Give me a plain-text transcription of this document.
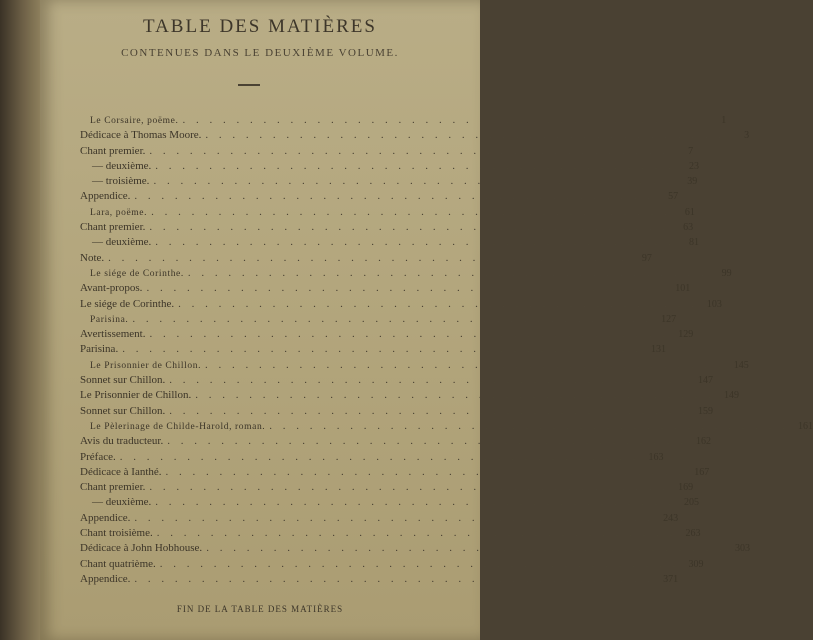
TABLE DES MATIÈRES
CONTENUES DANS LE DEUXIÈME VOLUME.
Le Corsaire, poëme. . . . . . . . . . . . . . . . . . . . . . . . . . . . . . . . . . . . . . . .	1
Dédicace à Thomas Moore. . . . . . . . . . . . . . . . . . . . . . . . . . . . . . . . . . . . . . . .	3
Chant premier. . . . . . . . . . . . . . . . . . . . . . . . . . . . . . . . . . . . . . . .	7
— deuxième. . . . . . . . . . . . . . . . . . . . . . . . . . . . . . . . . . . . . . . .	23
— troisième. . . . . . . . . . . . . . . . . . . . . . . . . . . . . . . . . . . . . . . .	39
Appendice. . . . . . . . . . . . . . . . . . . . . . . . . . . . . . . . . . . . . . . .	57
Lara, poëme. . . . . . . . . . . . . . . . . . . . . . . . . . . . . . . . . . . . . . . .	61
Chant premier. . . . . . . . . . . . . . . . . . . . . . . . . . . . . . . . . . . . . . . .	63
— deuxième. . . . . . . . . . . . . . . . . . . . . . . . . . . . . . . . . . . . . . . .	81
Note. . . . . . . . . . . . . . . . . . . . . . . . . . . . . . . . . . . . . . . .	97
Le siége de Corinthe. . . . . . . . . . . . . . . . . . . . . . . . . . . . . . . . . . . . . . . .	99
Avant-propos. . . . . . . . . . . . . . . . . . . . . . . . . . . . . . . . . . . . . . . . 101
Le siége de Corinthe. . . . . . . . . . . . . . . . . . . . . . . . . . . . . . . . . . . . . . . . 103
Parisina. . . . . . . . . . . . . . . . . . . . . . . . . . . . . . . . . . . . . . . . 127
Avertissement. . . . . . . . . . . . . . . . . . . . . . . . . . . . . . . . . . . . . . . . 129
Parisina. . . . . . . . . . . . . . . . . . . . . . . . . . . . . . . . . . . . . . . . 131
Le Prisonnier de Chillon. . . . . . . . . . . . . . . . . . . . . . . . . . . . . . . . . . . . . . . . 145
Sonnet sur Chillon. . . . . . . . . . . . . . . . . . . . . . . . . . . . . . . . . . . . . . . . 147
Le Prisonnier de Chillon. . . . . . . . . . . . . . . . . . . . . . . . . . . . . . . . . . . . . . . . 149
Sonnet sur Chillon. . . . . . . . . . . . . . . . . . . . . . . . . . . . . . . . . . . . . . . . 159
Le Pèlerinage de Childe-Harold, roman. . . . . . . . . . . . . . . . . . . . . . . . . . . . . . . . . . . . . . . . 161
Avis du traducteur. . . . . . . . . . . . . . . . . . . . . . . . . . . . . . . . . . . . . . . . 162
Préface. . . . . . . . . . . . . . . . . . . . . . . . . . . . . . . . . . . . . . . . 163
Dédicace à Ianthé. . . . . . . . . . . . . . . . . . . . . . . . . . . . . . . . . . . . . . . . 167
Chant premier. . . . . . . . . . . . . . . . . . . . . . . . . . . . . . . . . . . . . . . . 169
— deuxième. . . . . . . . . . . . . . . . . . . . . . . . . . . . . . . . . . . . . . . . 205
Appendice. . . . . . . . . . . . . . . . . . . . . . . . . . . . . . . . . . . . . . . . 243
Chant troisième. . . . . . . . . . . . . . . . . . . . . . . . . . . . . . . . . . . . . . . . 263
Dédicace à John Hobhouse. . . . . . . . . . . . . . . . . . . . . . . . . . . . . . . . . . . . . . . . 303
Chant quatrième. . . . . . . . . . . . . . . . . . . . . . . . . . . . . . . . . . . . . . . . 309
Appendice. . . . . . . . . . . . . . . . . . . . . . . . . . . . . . . . . . . . . . . . 371
FIN DE LA TABLE DES MATIÈRES
